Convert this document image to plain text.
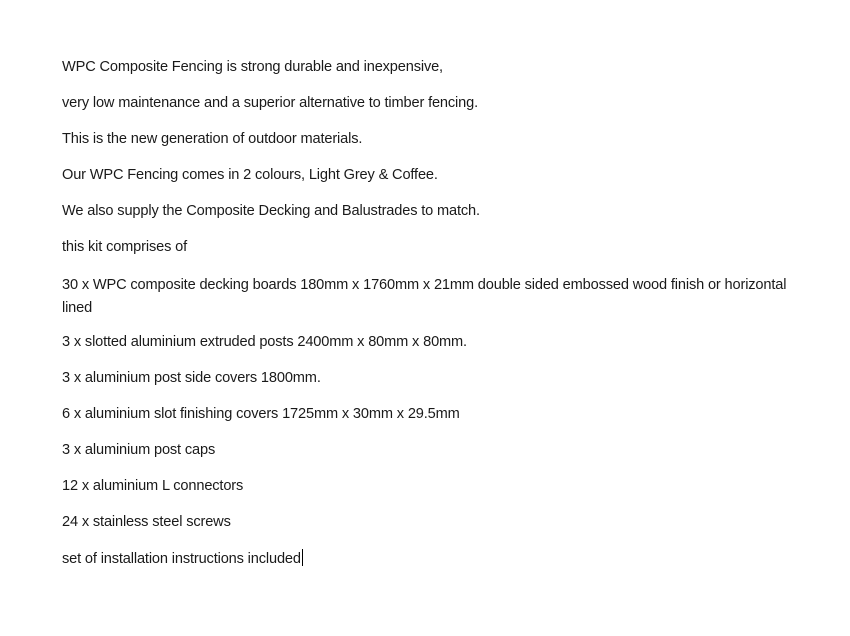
WPC Composite Fencing is strong durable and inexpensive,

very low maintenance and a superior alternative to timber fencing.

This is the new generation of outdoor materials.

Our WPC Fencing comes in 2 colours, Light Grey & Coffee.

We also supply the Composite Decking and Balustrades to match.

this kit comprises of

30 x WPC composite decking boards 180mm x 1760mm x 21mm double sided embossed wood finish or horizontal lined

3 x slotted aluminium extruded posts 2400mm x 80mm x 80mm.

3 x aluminium post side covers 1800mm.

6 x aluminium slot finishing covers 1725mm x 30mm x 29.5mm

3 x aluminium post caps

12 x aluminium L connectors

24 x stainless steel screws

set of installation instructions included
